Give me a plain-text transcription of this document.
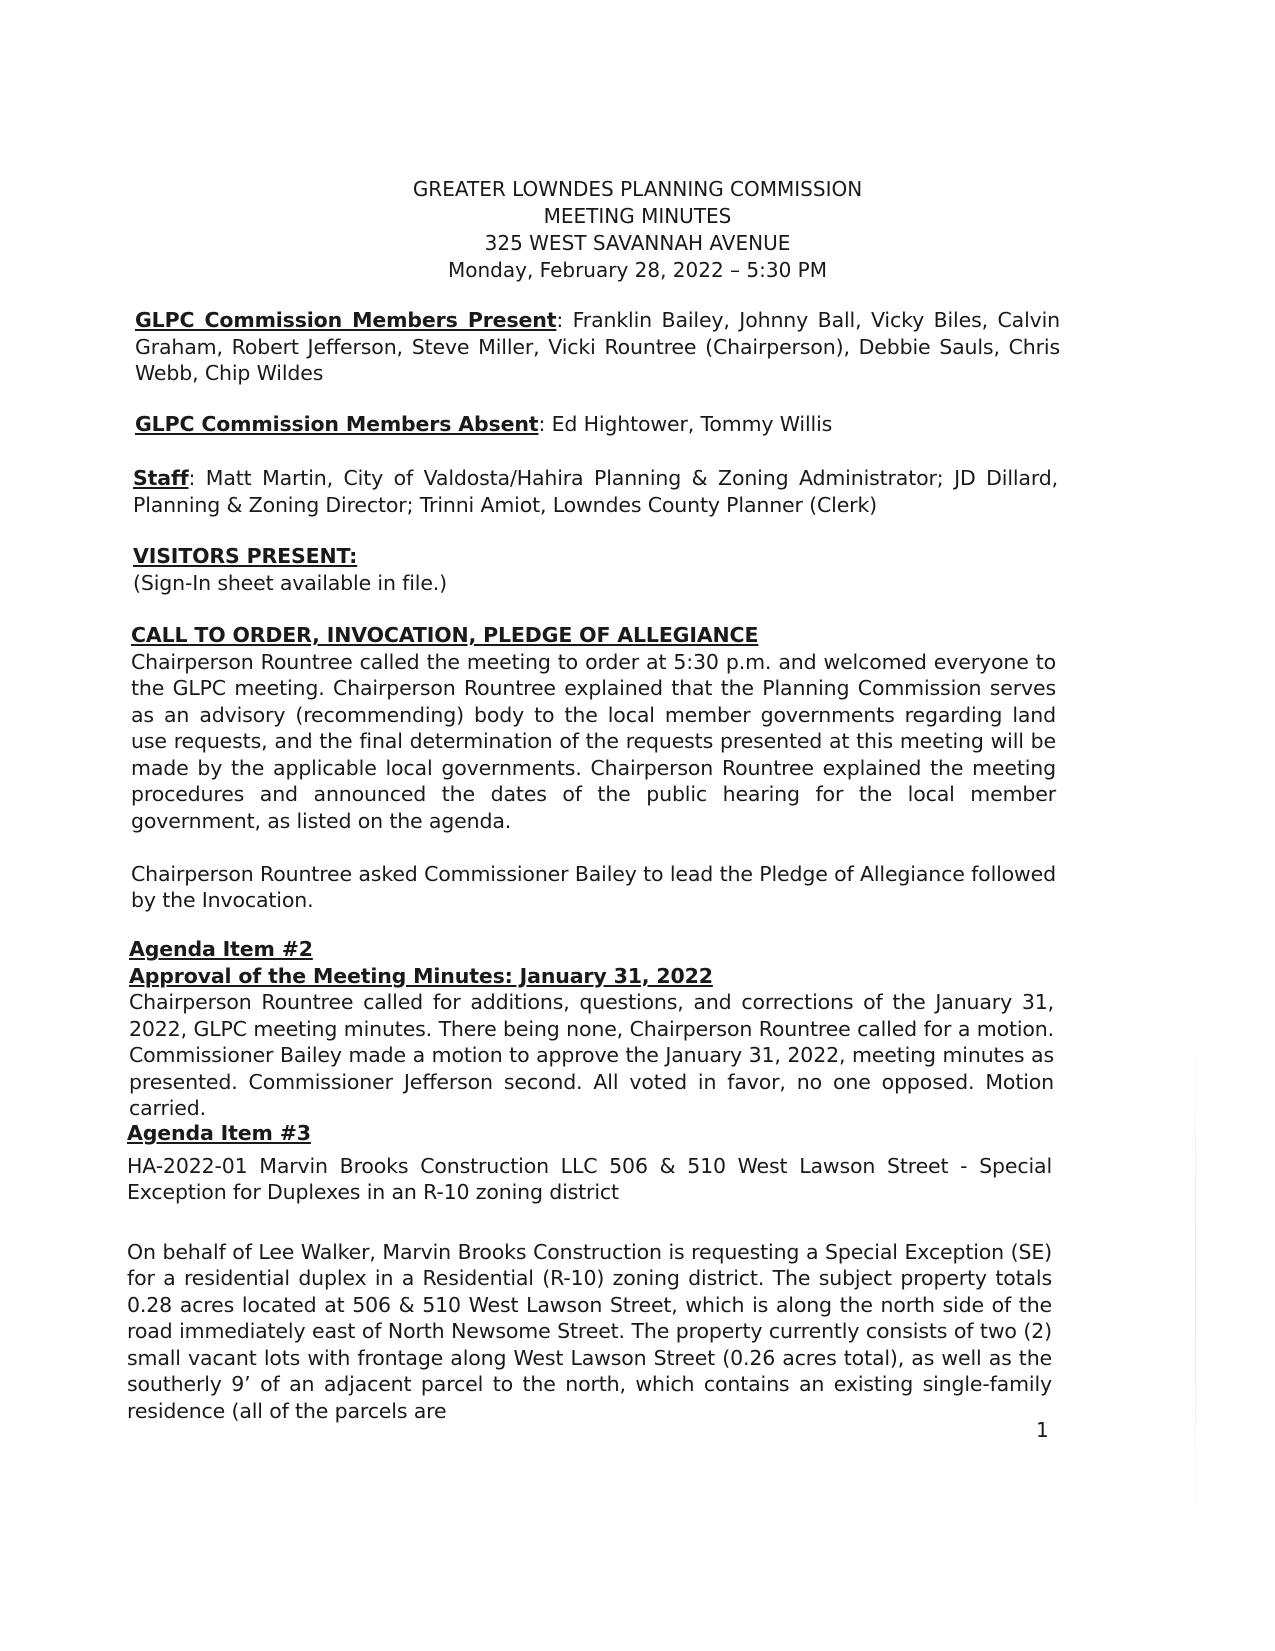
GREATER LOWNDES PLANNING COMMISSION
MEETING MINUTES
325 WEST SAVANNAH AVENUE
Monday, February 28, 2022 – 5:30 PM

GLPC Commission Members Present: Franklin Bailey, Johnny Ball, Vicky Biles, Calvin Graham, Robert Jefferson, Steve Miller, Vicki Rountree (Chairperson), Debbie Sauls, Chris Webb, Chip Wildes

GLPC Commission Members Absent: Ed Hightower, Tommy Willis

Staff: Matt Martin, City of Valdosta/Hahira Planning & Zoning Administrator; JD Dillard, Planning & Zoning Director; Trinni Amiot, Lowndes County Planner (Clerk)

VISITORS PRESENT:

(Sign-In sheet available in file.)

CALL TO ORDER, INVOCATION, PLEDGE OF ALLEGIANCE

Chairperson Rountree called the meeting to order at 5:30 p.m. and welcomed everyone to the GLPC meeting. Chairperson Rountree explained that the Planning Commission serves as an advisory (recommending) body to the local member governments regarding land use requests, and the final determination of the requests presented at this meeting will be made by the applicable local governments. Chairperson Rountree explained the meeting procedures and announced the dates of the public hearing for the local member government, as listed on the agenda.

Chairperson Rountree asked Commissioner Bailey to lead the Pledge of Allegiance followed by the Invocation.

Agenda Item #2

Approval of the Meeting Minutes: January 31, 2022

Chairperson Rountree called for additions, questions, and corrections of the January 31, 2022, GLPC meeting minutes. There being none, Chairperson Rountree called for a motion. Commissioner Bailey made a motion to approve the January 31, 2022, meeting minutes as presented. Commissioner Jefferson second. All voted in favor, no one opposed. Motion carried.

Agenda Item #3

HA-2022-01 Marvin Brooks Construction LLC 506 & 510 West Lawson Street - Special Exception for Duplexes in an R-10 zoning district

On behalf of Lee Walker, Marvin Brooks Construction is requesting a Special Exception (SE) for a residential duplex in a Residential (R-10) zoning district. The subject property totals 0.28 acres located at 506 & 510 West Lawson Street, which is along the north side of the road immediately east of North Newsome Street. The property currently consists of two (2) small vacant lots with frontage along West Lawson Street (0.26 acres total), as well as the southerly 9’ of an adjacent parcel to the north, which contains an existing single-family residence (all of the parcels are

1
